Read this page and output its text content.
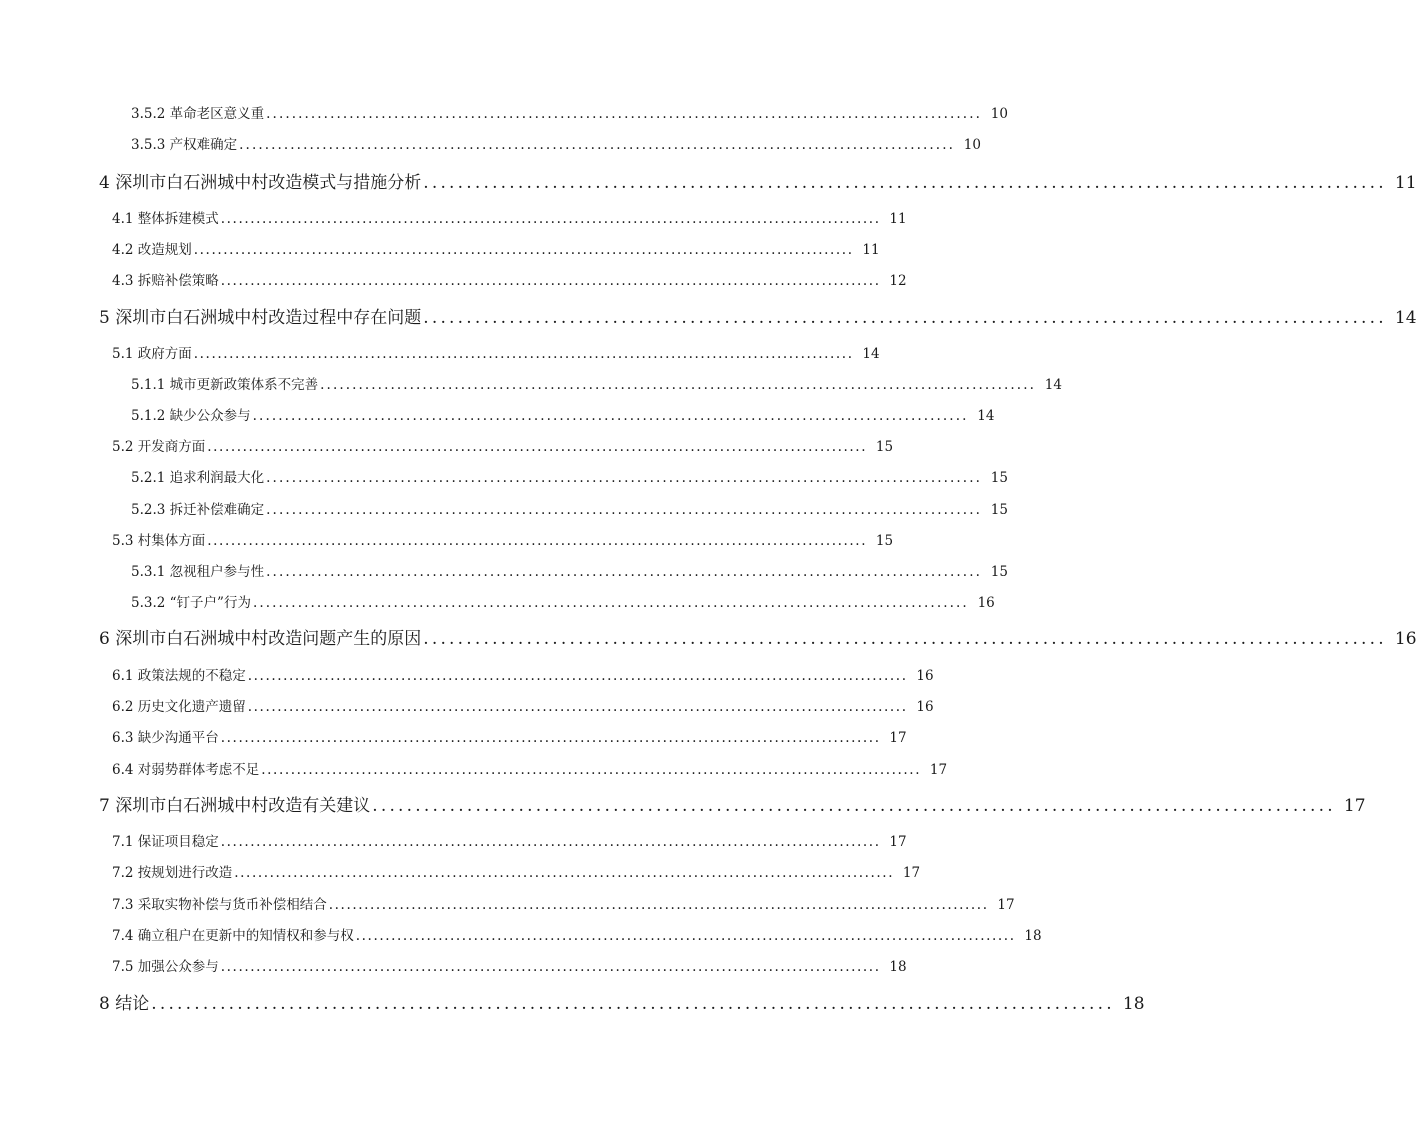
3.5.2 革命老区意义重 ................................................................................................................ 10
3.5.3 产权难确定 ................................................................................................................ 10
4 深圳市白石洲城中村改造模式与措施分析 ................................................................................................................ 11
4.1 整体拆建模式 ................................................................................................................ 11
4.2 改造规划 ................................................................................................................ 11
4.3 拆赔补偿策略 ................................................................................................................ 12
5 深圳市白石洲城中村改造过程中存在问题 ................................................................................................................ 14
5.1 政府方面 ................................................................................................................ 14
5.1.1 城市更新政策体系不完善 ................................................................................................................ 14
5.1.2 缺少公众参与 ................................................................................................................ 14
5.2 开发商方面 ................................................................................................................ 15
5.2.1 追求利润最大化 ................................................................................................................ 15
5.2.3 拆迁补偿难确定 ................................................................................................................ 15
5.3 村集体方面 ................................................................................................................ 15
5.3.1 忽视租户参与性 ................................................................................................................ 15
5.3.2 “钉子户”行为 ................................................................................................................ 16
6 深圳市白石洲城中村改造问题产生的原因 ................................................................................................................ 16
6.1 政策法规的不稳定 ................................................................................................................ 16
6.2 历史文化遗产遗留 ................................................................................................................ 16
6.3 缺少沟通平台 ................................................................................................................ 17
6.4 对弱势群体考虑不足 ................................................................................................................ 17
7 深圳市白石洲城中村改造有关建议 ................................................................................................................ 17
7.1 保证项目稳定 ................................................................................................................ 17
7.2 按规划进行改造 ................................................................................................................ 17
7.3 采取实物补偿与货币补偿相结合 ................................................................................................................ 17
7.4 确立租户在更新中的知情权和参与权 ................................................................................................................ 18
7.5 加强公众参与 ................................................................................................................ 18
8 结论 ................................................................................................................ 18
